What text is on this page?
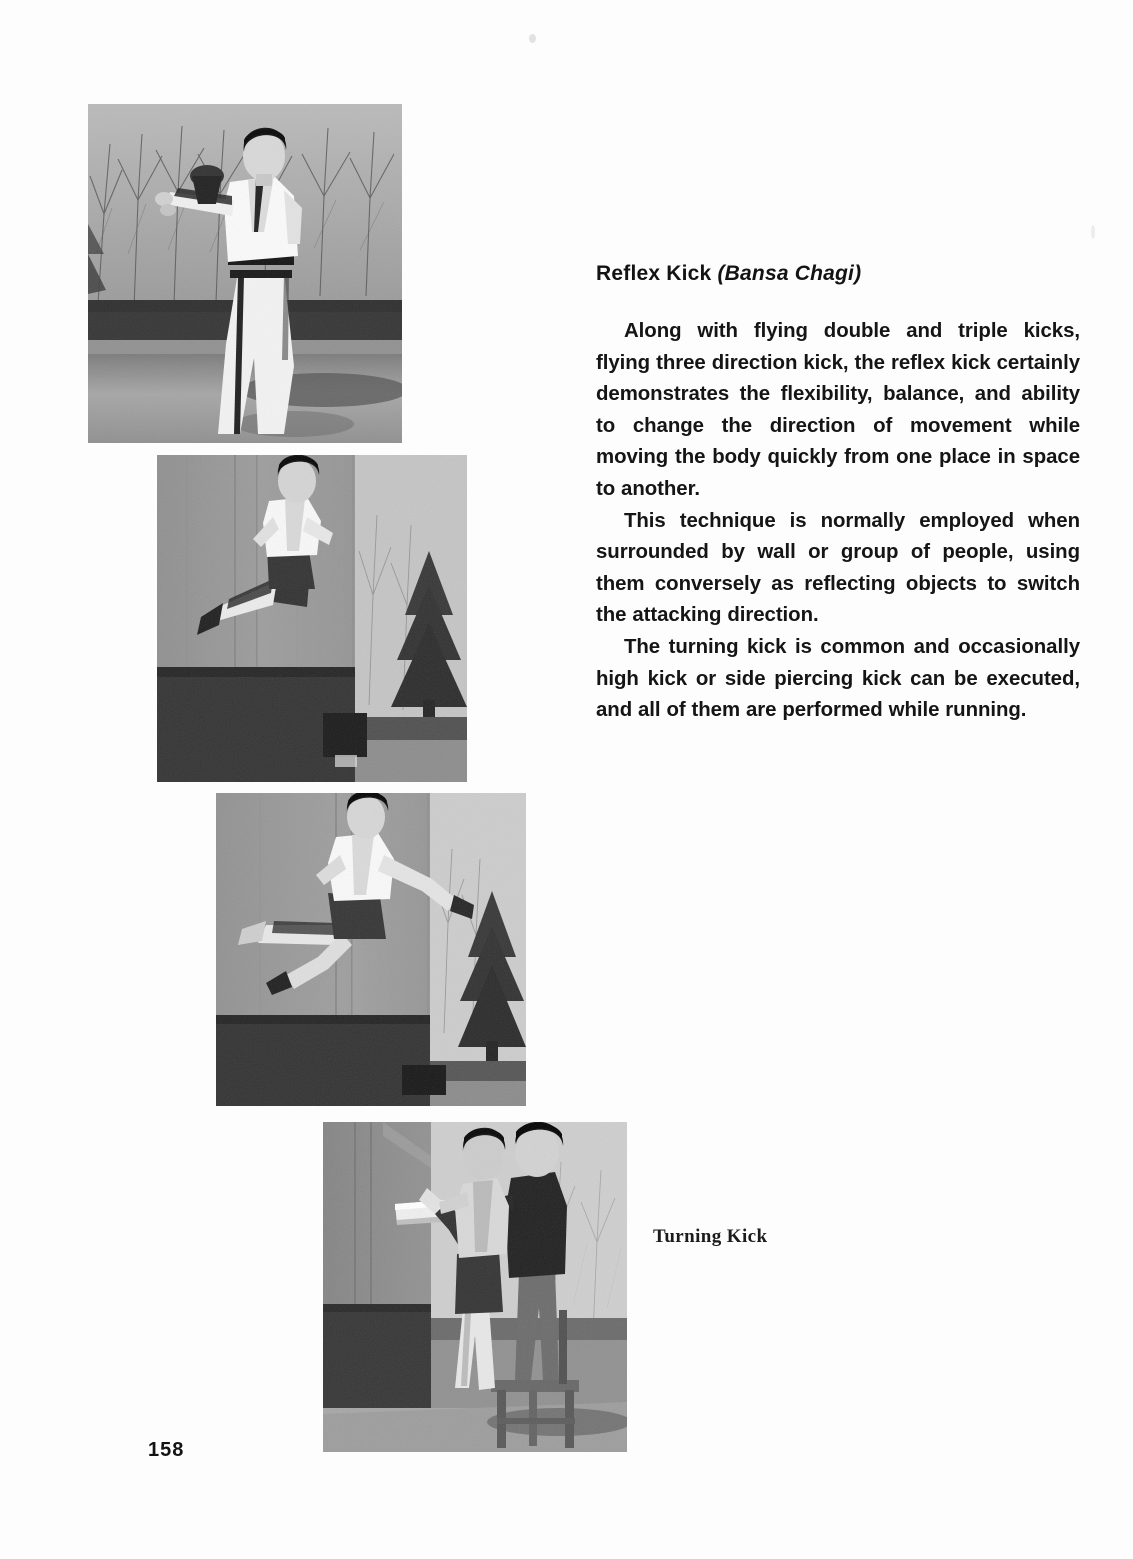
Reflex Kick (Bansa Chagi)

Along with flying double and triple kicks, flying three direction kick, the reflex kick certainly demonstrates the flexibility, balance, and ability to change the direction of movement while moving the body quickly from one place in space to another.

This technique is normally employed when surrounded by wall or group of people, using them conversely as reflecting objects to switch the attacking direction.

The turning kick is common and occasionally high kick or side piercing kick can be executed, and all of them are performed while running.

Turning Kick
158
